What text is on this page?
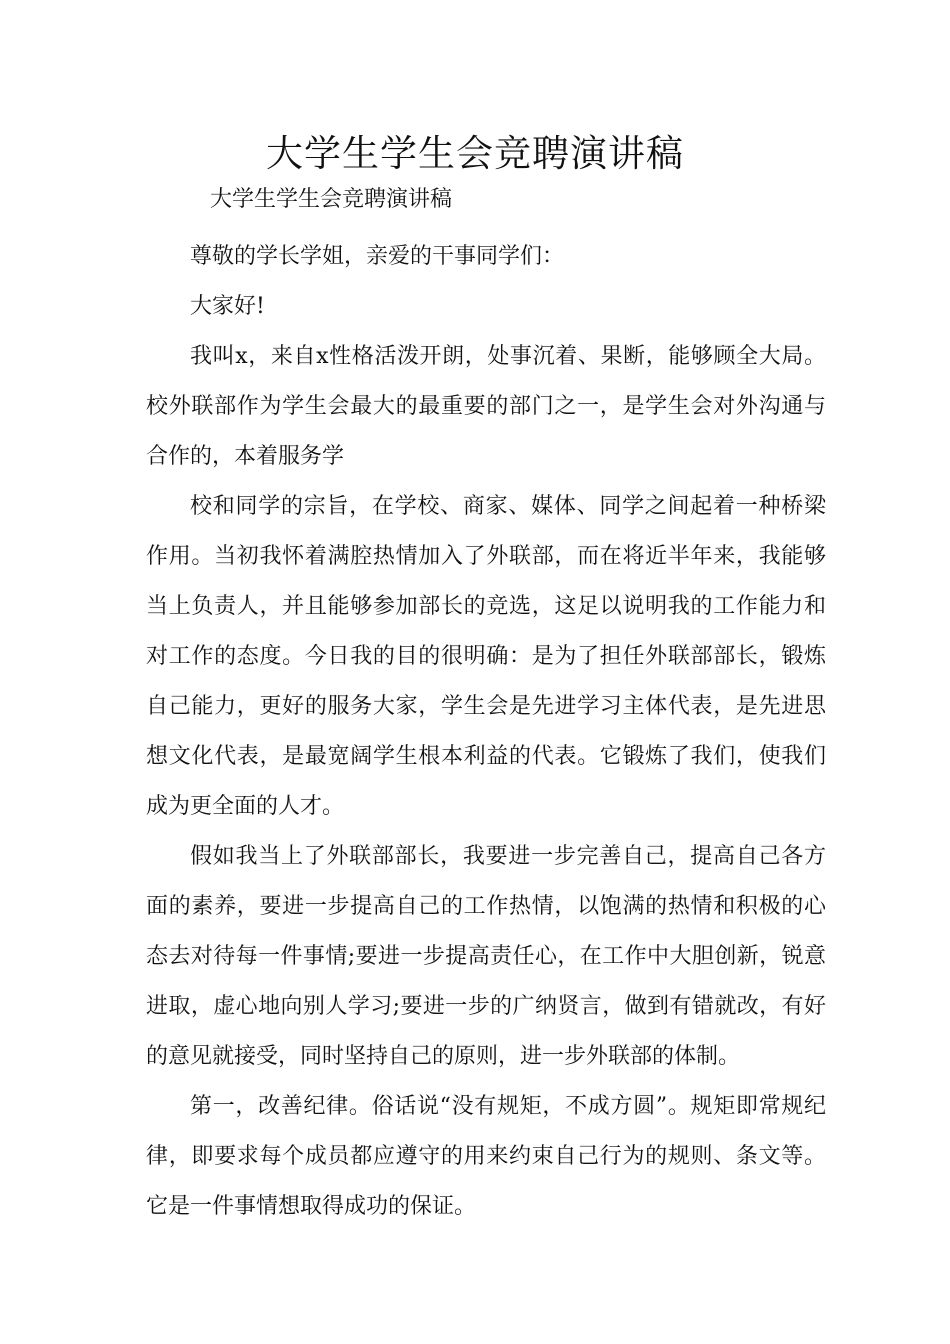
大学生学生会竞聘演讲稿

大学生学生会竞聘演讲稿

尊敬的学长学姐，亲爱的干事同学们：

大家好!

我叫x，来自x性格活泼开朗，处事沉着、果断，能够顾全大局。校外联部作为学生会最大的最重要的部门之一，是学生会对外沟通与合作的，本着服务学

校和同学的宗旨，在学校、商家、媒体、同学之间起着一种桥梁作用。当初我怀着满腔热情加入了外联部，而在将近半年来，我能够当上负责人，并且能够参加部长的竞选，这足以说明我的工作能力和对工作的态度。今日我的目的很明确：是为了担任外联部部长，锻炼自己能力，更好的服务大家，学生会是先进学习主体代表，是先进思想文化代表，是最宽阔学生根本利益的代表。它锻炼了我们，使我们成为更全面的人才。

假如我当上了外联部部长，我要进一步完善自己，提高自己各方面的素养，要进一步提高自己的工作热情，以饱满的热情和积极的心态去对待每一件事情;要进一步提高责任心，在工作中大胆创新，锐意进取，虚心地向别人学习;要进一步的广纳贤言，做到有错就改，有好的意见就接受，同时坚持自己的原则，进一步外联部的体制。

第一，改善纪律。俗话说“没有规矩，不成方圆”。规矩即常规纪律，即要求每个成员都应遵守的用来约束自己行为的规则、条文等。它是一件事情想取得成功的保证。
